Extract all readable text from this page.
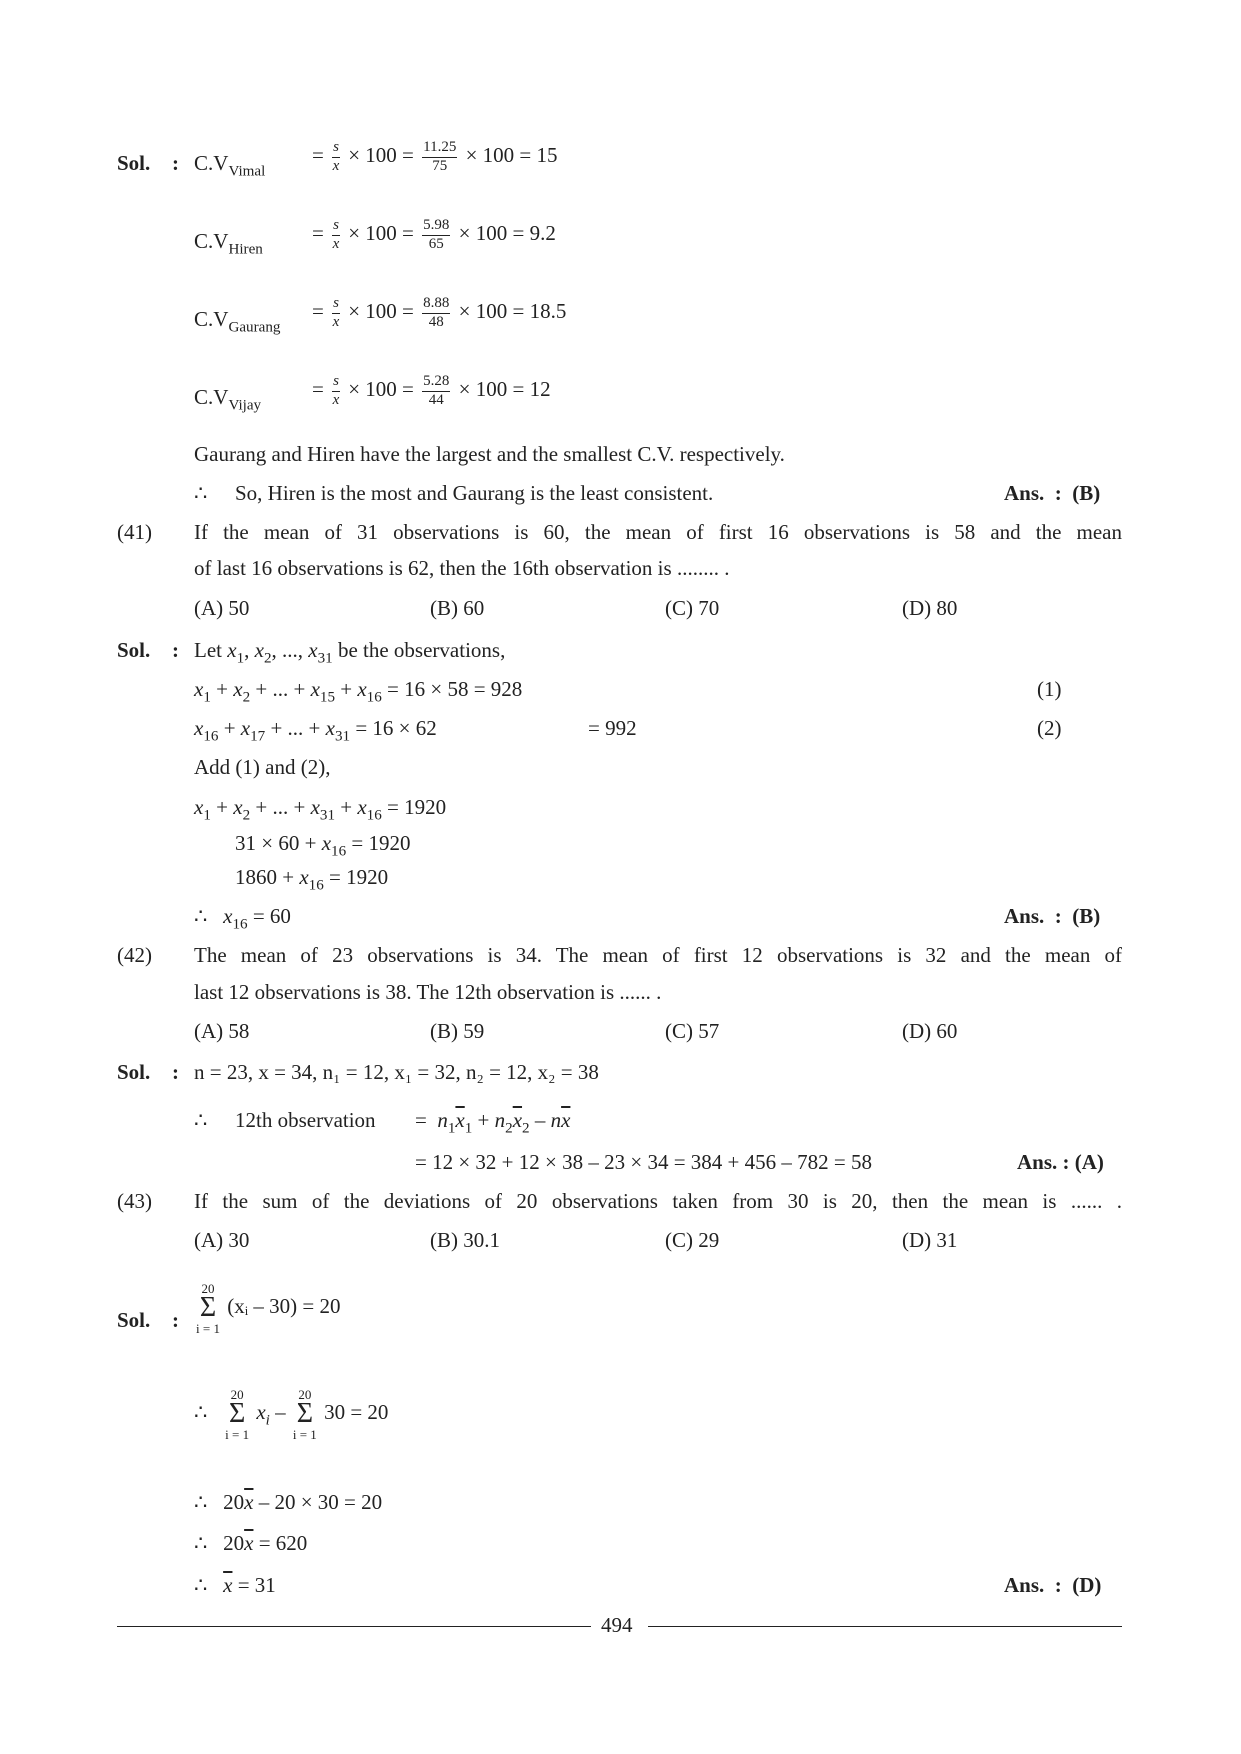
Sol. : $C.V_{Vimal}$
= $\frac{s}{x} \times 100 = \frac{11.25}{75} \times 100 = 15$
$C.V_{Hiren}$
= $\frac{s}{x} \times 100 = \frac{5.98}{65} \times 100 = 9.2$
$C.V_{Gaurang}$
= $\frac{s}{x} \times 100 = \frac{8.88}{48} \times 100 = 18.5$
$C.V_{Vijay}$
= $\frac{s}{x} \times 100 = \frac{5.28}{44} \times 100 = 12$
Gaurang and Hiren have the largest and the smallest C.V. respectively.
∴ So, Hiren is the most and Gaurang is the least consistent.	Ans.  :  (B)
(41) If the mean of 31 observations is 60, the mean of first 16 observations is 58 and the mean
of last 16 observations is 62, then the 16th observation is ........ .
(A) 50	(B) 60	(C) 70	(D) 80
Sol. : Let $x_1$, $x_2$, ..., $x_{31}$ be the observations,
$x_1 + x_2$ + ... + $x_{15} + x_{16} = 16 \times 58 = 928$	(1)
$x_{16} + x_{17}$ + ... + $x_{31} = 16 \times 62$	= 992	(2)
Add (1) and (2),
$x_1 + x_2$ + ... + $x_{31} + x_{16} = 1920$
$31 \times 60 + x_{16} = 1920$
$1860 + x_{16} = 1920$
∴ $x_{16} = 60$	Ans.  :  (B)
(42) The mean of 23 observations is 34. The mean of first 12 observations is 32 and the mean of
last 12 observations is 38. The 12th observation is ...... .
(A) 58	(B) 59	(C) 57	(D) 60
Sol. : n = 23, x = 34, n₁ = 12, x₁ = 32, n₂ = 12, x₂ = 38
∴ 12th observation = $n_1\overline{x}_1 + n_2\overline{x}_2 - n\overline{x}$
= 12 × 32 + 12 × 38 – 23 × 34 = 384 + 456 – 782 = 58	Ans. : (A)
(43) If the sum of the deviations of 20 observations taken from 30 is 20, then the mean is ...... .
(A) 30	(B) 30.1	(C) 29	(D) 31
Sol. :
20
Σ
i = 1
(xᵢ – 30) = 20
∴
20
Σ
i = 1
$x_i$ –
20
Σ
i = 1
30 = 20
∴   $20\overline{x} - 20 \times 30 = 20$
∴   $20\overline{x} = 620$
∴ $\overline{x} = 31$	Ans.  :  (D)
494
